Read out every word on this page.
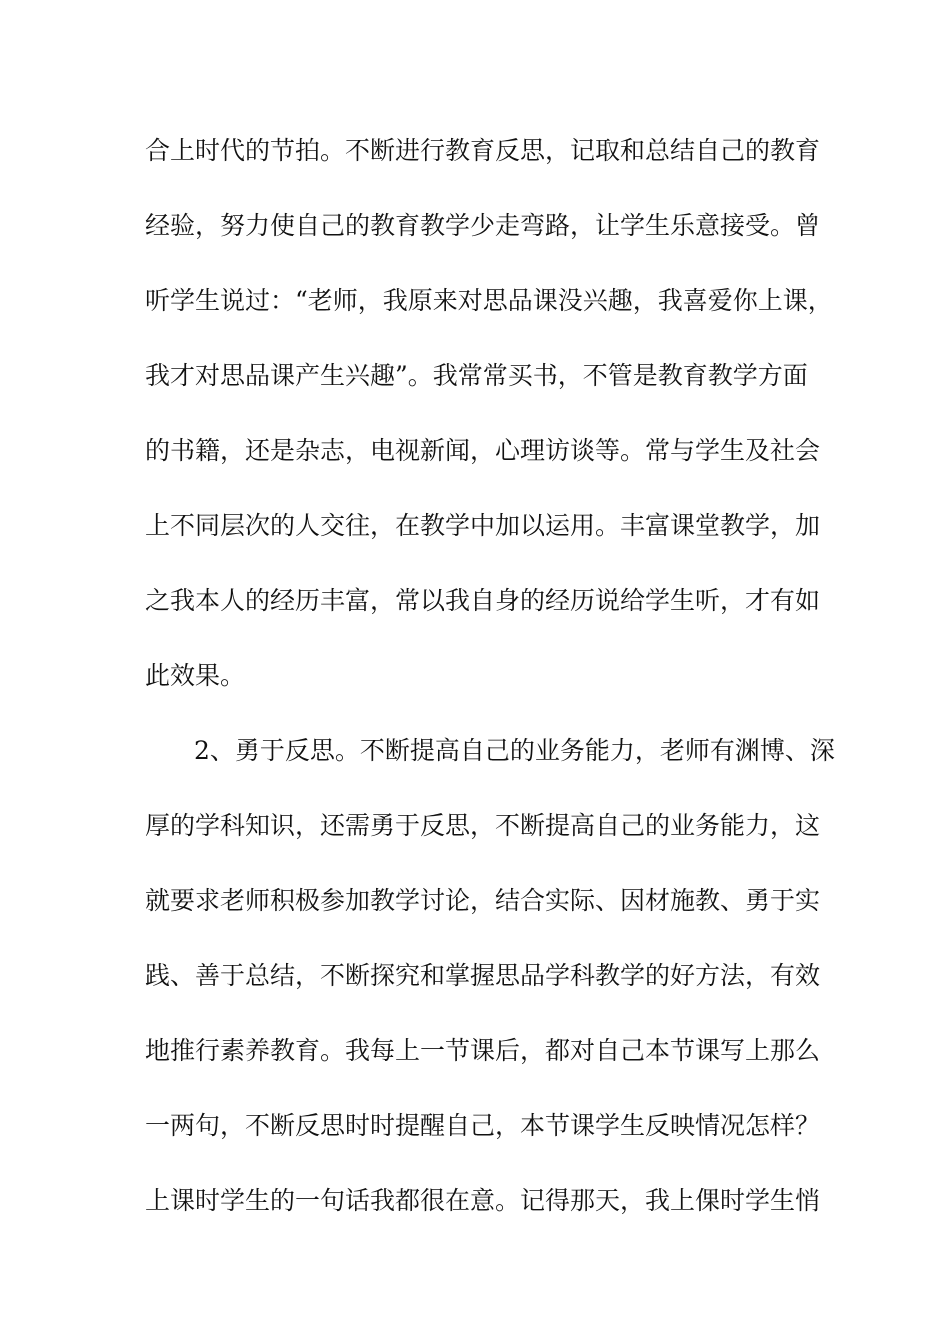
合上时代的节拍。不断进行教育反思，记取和总结自己的教育
经验，努力使自己的教育教学少走弯路，让学生乐意接受。曾
听学生说过：“老师，我原来对思品课没兴趣，我喜爱你上课，
我才对思品课产生兴趣”。我常常买书，不管是教育教学方面
的书籍，还是杂志，电视新闻，心理访谈等。常与学生及社会
上不同层次的人交往，在教学中加以运用。丰富课堂教学，加
之我本人的经历丰富，常以我自身的经历说给学生听，才有如
此效果。
2、勇于反思。不断提高自己的业务能力，老师有渊博、深
厚的学科知识，还需勇于反思，不断提高自己的业务能力，这
就要求老师积极参加教学讨论，结合实际、因材施教、勇于实
践、善于总结，不断探究和掌握思品学科教学的好方法，有效
地推行素养教育。我每上一节课后，都对自己本节课写上那么
一两句，不断反思时时提醒自己，本节课学生反映情况怎样？
上课时学生的一句话我都很在意。记得那天，我上倮时学生悄
